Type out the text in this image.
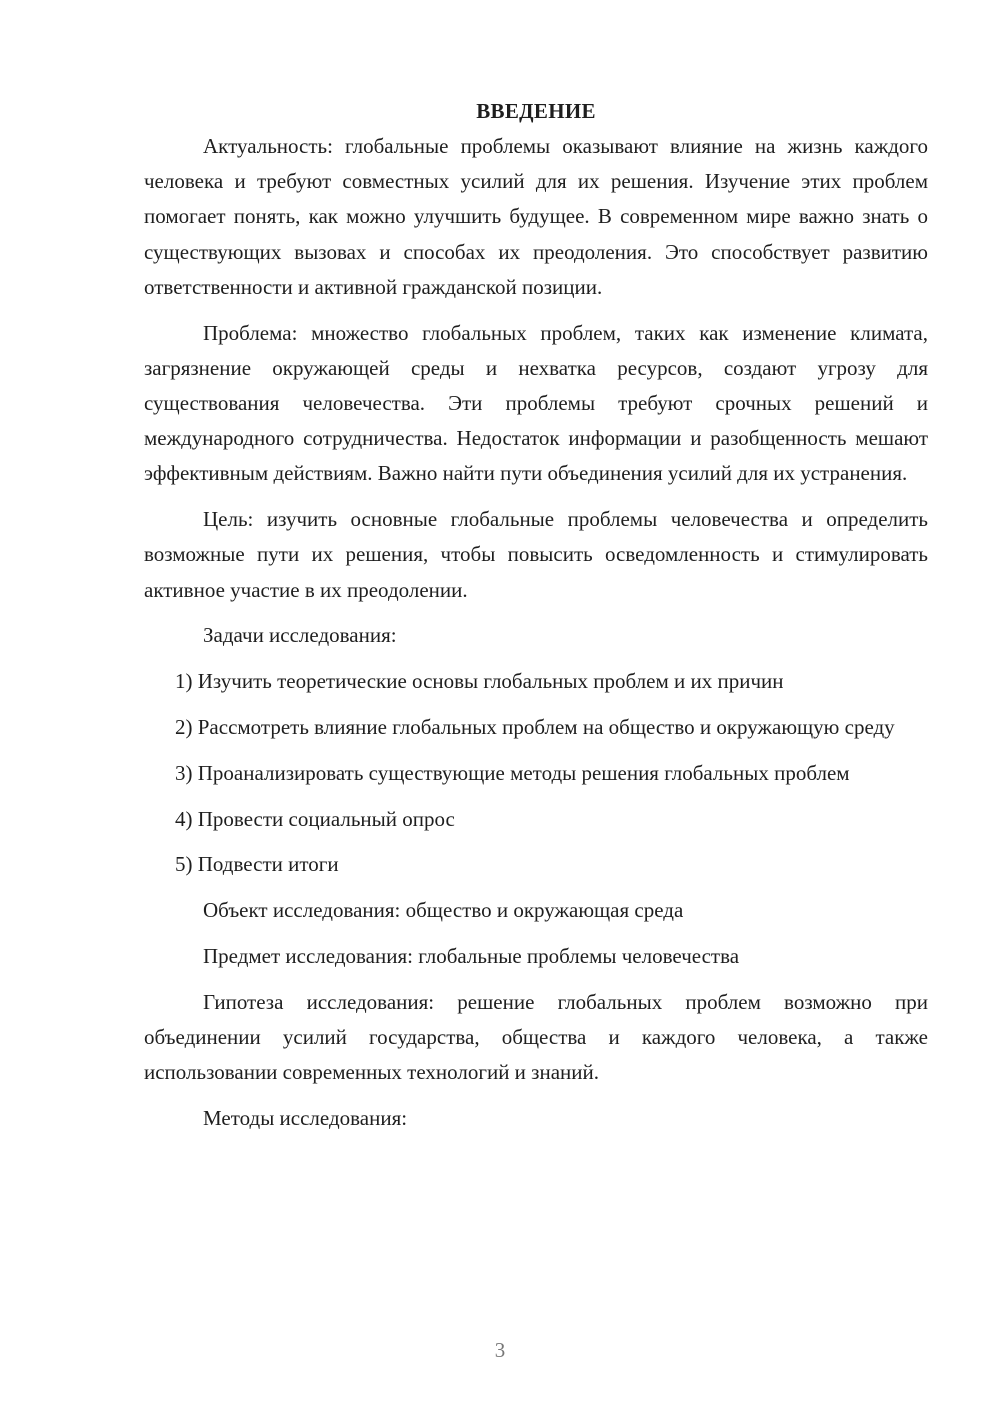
ВВЕДЕНИЕ

Актуальность: глобальные проблемы оказывают влияние на жизнь каждого человека и требуют совместных усилий для их решения. Изучение этих проблем помогает понять, как можно улучшить будущее. В современном мире важно знать о существующих вызовах и способах их преодоления. Это способствует развитию ответственности и активной гражданской позиции.

Проблема: множество глобальных проблем, таких как изменение климата, загрязнение окружающей среды и нехватка ресурсов, создают угрозу для существования человечества. Эти проблемы требуют срочных решений и международного сотрудничества. Недостаток информации и разобщенность мешают эффективным действиям. Важно найти пути объединения усилий для их устранения.

Цель: изучить основные глобальные проблемы человечества и определить возможные пути их решения, чтобы повысить осведомленность и стимулировать активное участие в их преодолении.

Задачи исследования:

1) Изучить теоретические основы глобальных проблем и их причин

2) Рассмотреть влияние глобальных проблем на общество и окружающую среду

3) Проанализировать существующие методы решения глобальных проблем

4) Провести социальный опрос

5) Подвести итоги

Объект исследования: общество и окружающая среда

Предмет исследования: глобальные проблемы человечества

Гипотеза исследования: решение глобальных проблем возможно при объединении усилий государства, общества и каждого человека, а также использовании современных технологий и знаний.

Методы исследования:

3
